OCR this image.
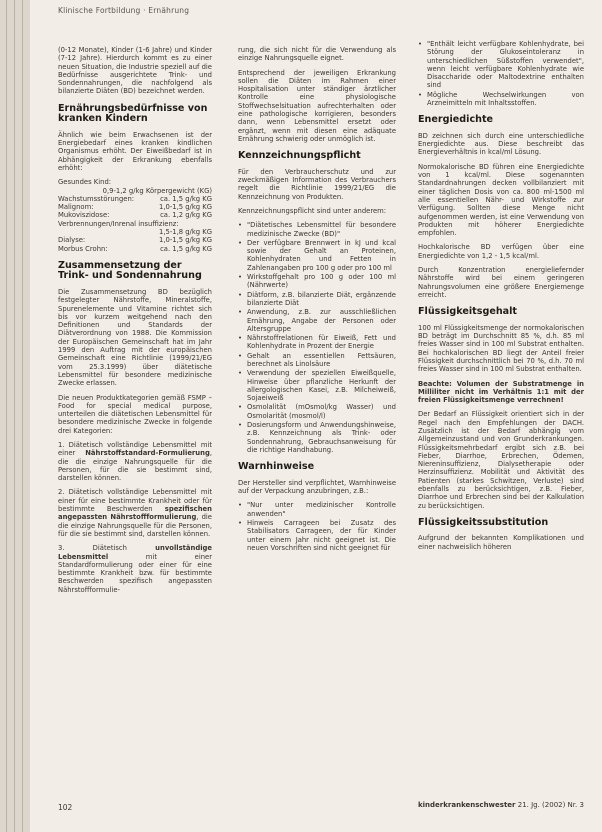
Klinische Fortbildung · Ernährung

(0-12 Monate), Kinder (1-6 Jahre) und Kinder (7-12 Jahre). Hierdurch kommt es zu einer neuen Situation, die Industrie speziell auf die Bedürfnisse ausgerichtete Trink- und Sondennahrungen, die nachfolgend als bilanzierte Diäten (BD) bezeichnet werden.

Ernährungsbedürfnisse von kranken Kindern

Ähnlich wie beim Erwachsenen ist der Energiebedarf eines kranken kindlichen Organismus erhöht. Der Eiweißbedarf ist in Abhängigkeit der Erkrankung ebenfalls erhöht:

Gesundes Kind:
0,9-1,2 g/kg Körpergewicht (KG)
Wachstumsstörungen:	ca. 1,5 g/kg KG
Malignom:	1,0-1,5 g/kg KG
Mukoviszidose:	ca. 1,2 g/kg KG
Verbrennungen/Inrenal insuffizienz:
1,5-1,8 g/kg KG
Dialyse:	1,0-1,5 g/kg KG
Morbus Crohn:	ca. 1,5 g/kg KG
Zusammensetzung der Trink- und Sondennahrung

Die Zusammensetzung BD bezüglich festgelegter Nährstoffe, Mineralstoffe, Spurenelemente und Vitamine richtet sich bis vor kurzem weitgehend nach den Definitionen und Standards der Diätverordnung von 1988. Die Kommission der Europäischen Gemeinschaft hat im Jahr 1999 den Auftrag mit der europäischen Gemeinschaft eine Richtlinie (1999/21/EG vom 25.3.1999) über diätetische Lebensmittel für besondere medizinische Zwecke erlassen.

Die neuen Produktkategorien gemäß FSMP – Food for special medical purpose, unterteilen die diätetischen Lebensmittel für besondere medizinische Zwecke in folgende drei Kategorien:

1. Diätetisch vollständige Lebensmittel mit einer Nährstoffstandard-Formulierung, die die einzige Nahrungsquelle für die Personen, für die sie bestimmt sind, darstellen können.
2. Diätetisch vollständige Lebensmittel mit einer für eine bestimmte Krankheit oder für bestimmte Beschwerden spezifischen angepassten Nährstoffformulierung, die die einzige Nahrungsquelle für die Personen, für die sie bestimmt sind, darstellen können.
3. Diätetisch unvollständige Lebensmittel mit einer Standardformulierung oder einer für eine bestimmte Krankheit bzw. für bestimmte Beschwerden spezifisch angepassten Nährstoffformulie-

rung, die sich nicht für die Verwendung als einzige Nahrungsquelle eignet.

Entsprechend der jeweiligen Erkrankung sollen die Diäten im Rahmen einer Hospitalisation unter ständiger ärztlicher Kontrolle eine physiologische Stoffwechselsituation aufrechterhalten oder eine pathologische korrigieren, besonders dann, wenn Lebensmittel ersetzt oder ergänzt, wenn mit diesen eine adäquate Ernährung schwierig oder unmöglich ist.

Kennzeichnungspflicht

Für den Verbraucherschutz und zur zweckmäßigen Information des Verbrauchers regelt die Richtlinie 1999/21/EG die Kennzeichnung von Produkten.

Kennzeichnungspflicht sind unter anderem:

• "Diätetisches Lebensmittel für besondere medizinische Zwecke (BD)"
• Der verfügbare Brennwert in kJ und kcal sowie der Gehalt an Proteinen, Kohlenhydraten und Fetten in Zahlenangaben pro 100 g oder pro 100 ml
• Wirkstoffgehalt pro 100 g oder 100 ml (Nährwerte)
• Diätform, z.B. bilanzierte Diät, ergänzende bilanzierte Diät
• Anwendung, z.B. zur ausschließlichen Ernährung, Angabe der Personen oder Altersgruppe
• Nährstoffrelationen für Eiweiß, Fett und Kohlenhydrate in Prozent der Energie
• Gehalt an essentiellen Fettsäuren, berechnet als Linolsäure
• Verwendung der speziellen Eiweißquelle, Hinweise über pflanzliche Herkunft der allergologischen Kasei, z.B. Milcheiweiß, Sojaeiweiß
• Osmolalität (mOsmol/kg Wasser) und Osmolarität (mosmol/l)
• Dosierungsform und Anwendungshinweise, z.B. Kennzeichnung als Trink- oder Sondennahrung, Gebrauchsanweisung für die richtige Handhabung.
Warnhinweise

Der Hersteller sind verpflichtet, Warnhinweise auf der Verpackung anzubringen, z.B.:

• "Nur unter medizinischer Kontrolle anwenden"
• Hinweis Carrageen bei Zusatz des Stabilisators Carrageen, der für Kinder unter einem Jahr nicht geeignet ist. Die neuen Vorschriften sind nicht geeignet für
• "Enthält leicht verfügbare Kohlenhydrate, bei Störung der Glukoseintoleranz in unterschiedlichen Süßstoffen verwendet", wenn leicht verfügbare Kohlenhydrate wie Disaccharide oder Maltodextrine enthalten sind
• Mögliche Wechselwirkungen von Arzneimitteln mit Inhaltsstoffen.
Energiedichte

BD zeichnen sich durch eine unterschiedliche Energiedichte aus. Diese beschreibt das Energieverhältnis in kcal/ml Lösung.

Normokalorische BD führen eine Energiedichte von 1 kcal/ml. Diese sogenannten Standardnahrungen decken vollbilanziert mit einer täglichen Dosis von ca. 800 ml-1500 ml alle essentiellen Nähr- und Wirkstoffe zur Verfügung. Sollten diese Menge nicht aufgenommen werden, ist eine Verwendung von Produkten mit höherer Energiedichte empfohlen.

Hochkalorische BD verfügen über eine Energiedichte von 1,2 - 1,5 kcal/ml.

Durch Konzentration energieliefernder Nährstoffe wird bei einem geringeren Nahrungsvolumen eine größere Energiemenge erreicht.

Flüssigkeitsgehalt

100 ml Flüssigkeitsmenge der normokalorischen BD beträgt im Durchschnitt 85 %, d.h. 85 ml freies Wasser sind in 100 ml Substrat enthalten. Bei hochkalorischen BD liegt der Anteil freier Flüssigkeit durchschnittlich bei 70 %, d.h. 70 ml freies Wasser sind in 100 ml Substrat enthalten.

Beachte: Volumen der Substratmenge in Milliliter nicht im Verhältnis 1:1 mit der freien Flüssigkeitsmenge verrechnen!

Der Bedarf an Flüssigkeit orientiert sich in der Regel nach den Empfehlungen der DACH. Zusätzlich ist der Bedarf abhängig vom Allgemeinzustand und von Grunderkrankungen. Flüssigkeitsmehrbedarf ergibt sich z.B. bei Fieber, Diarrhoe, Erbrechen, Ödemen, Niereninsuffizienz, Dialysetherapie oder Herzinsuffizienz. Mobilität und Aktivität des Patienten (starkes Schwitzen, Verluste) sind ebenfalls zu berücksichtigen, z.B. Fieber, Diarrhoe und Erbrechen sind bei der Kalkulation zu berücksichtigen.

Flüssigkeitssubstitution

Aufgrund der bekannten Komplikationen und einer nachweislich höheren

102	kinderkrankenschwester 21. Jg. (2002) Nr. 3
